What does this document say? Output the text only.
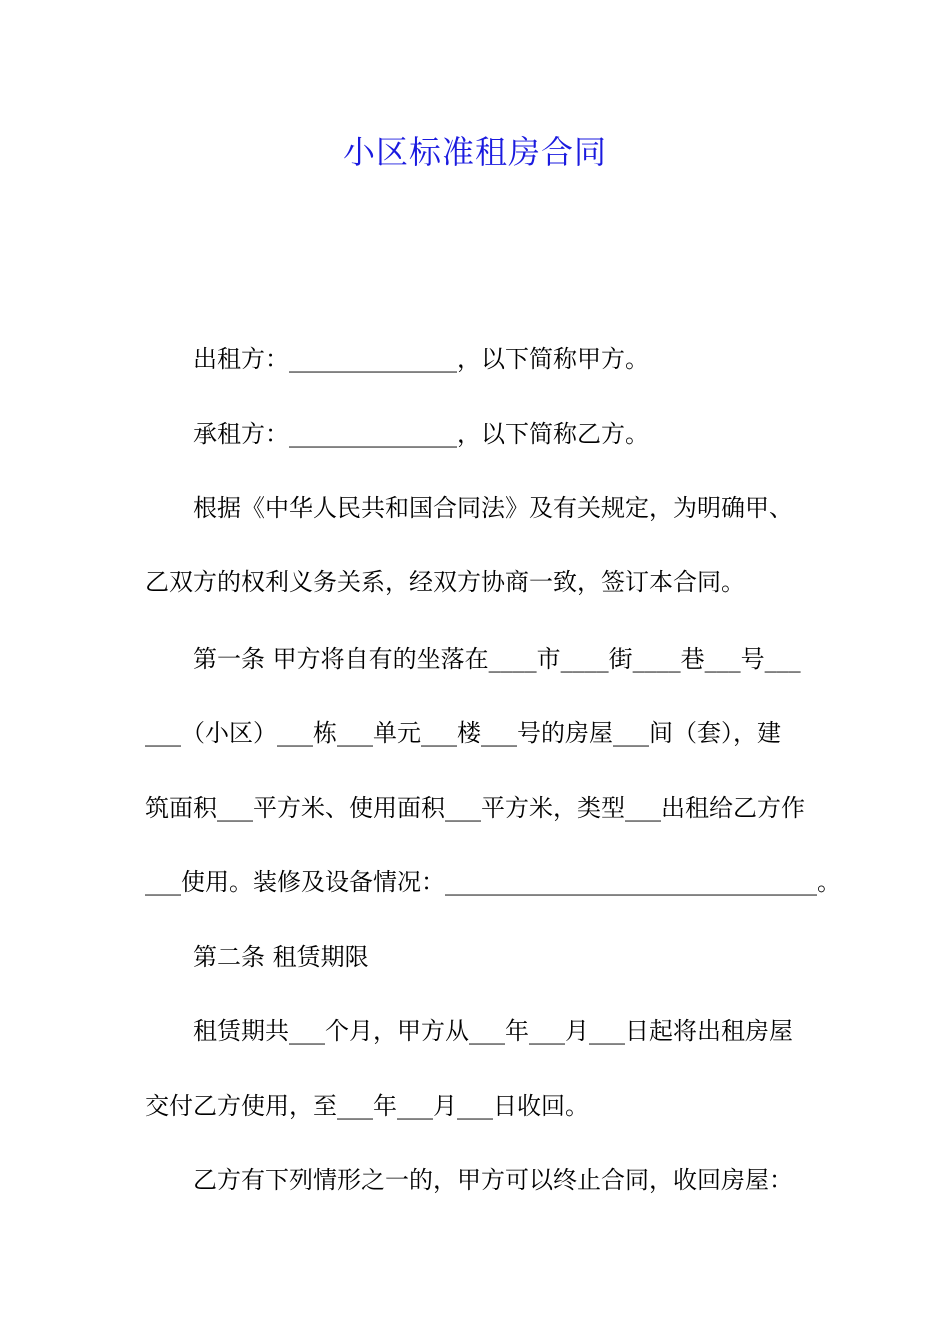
小区标准租房合同
出租方：______________，以下简称甲方。
承租方：______________，以下简称乙方。
根据《中华人民共和国合同法》及有关规定，为明确甲、
乙双方的权利义务关系，经双方协商一致，签订本合同。
第一条 甲方将自有的坐落在____市____街____巷___号___
___（小区）___栋___单元___楼___号的房屋___间（套），建
筑面积___平方米、使用面积___平方米，类型___出租给乙方作
___使用。装修及设备情况：_______________________________。
第二条 租赁期限
租赁期共___个月，甲方从___年___月___日起将出租房屋
交付乙方使用，至___年___月___日收回。
乙方有下列情形之一的，甲方可以终止合同，收回房屋：
